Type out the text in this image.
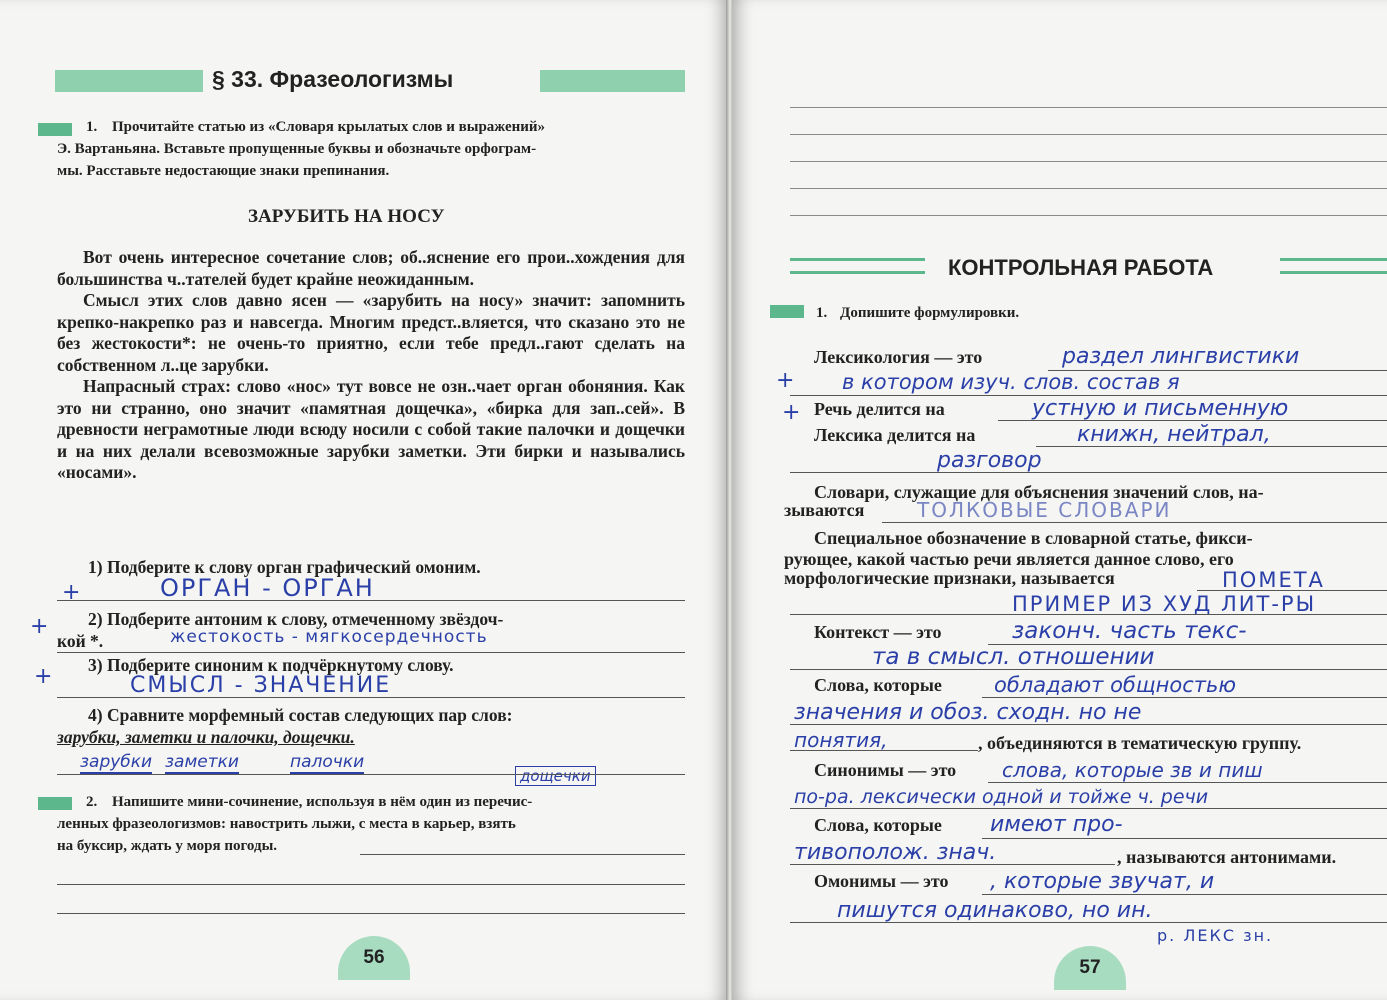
§ 33. Фразеологизмы
1. Прочитайте статью из «Словаря крылатых слов и выражений»
Э. Вартаньяна. Вставьте пропущенные буквы и обозначьте орфограм-
мы. Расставьте недостающие знаки препинания.
ЗАРУБИТЬ НА НОСУ

Вот очень интересное сочетание слов; об..яснение его прои..хождения для большинства ч..тателей будет крайне неожиданным.

Смысл этих слов давно ясен — «зарубить на носу» значит: запомнить крепко-накрепко раз и навсегда. Многим предст..вляется, что сказано это не без жестокости*: не очень-то приятно, если тебе предл..гают сделать на собственном л..це зарубки.

Напрасный страх: слово «нос» тут вовсе не озн..чает орган обоняния. Как это ни странно, оно значит «памятная дощечка», «бирка для зап..сей». В древности неграмотные люди всюду носили с собой такие палочки и дощечки и на них делали всевозможные зарубки заметки. Эти бирки и назывались «носами».

1) Подберите к слову орган графический омоним.
ОРГАН - ОРГАН
+
2) Подберите антоним к слову, отмеченному звёздоч-
кой *.	жестокость - мягкосердечность
+
3) Подберите синоним к подчёркнутому слову.
СМЫСЛ - ЗНАЧЕНИЕ
+
4) Сравните морфемный состав следующих пар слов:
зарубки, заметки и палочки, дощечки.
зарубки заметки	палочки
дощечки
2. Напишите мини-сочинение, используя в нём один из перечис-
ленных фразеологизмов: навострить лыжи, с места в карьер, взять
на буксир, ждать у моря погоды.
56
КОНТРОЛЬНАЯ РАБОТА
1. Допишите формулировки.
Лексикология — это	раздел лингвистики
в котором изуч. слов. состав я
+
Речь делится на	устную и письменную
+
Лексика делится на	книжн, нейтрал,
разговор
Словари, служащие для объяснения значений слов, на-
зываются	ТОЛКОВЫЕ СЛОВАРИ
Специальное обозначение в словарной статье, фикси-
рующее, какой частью речи является данное слово, его
морфологические признаки, называется	ПОМЕТА
ПРИМЕР ИЗ ХУД ЛИТ-РЫ
Контекст — это	законч. часть текс-
та в смысл. отношении
Слова, которые обладают общностью
значения и обоз. сходн. но не
понятия,	, объединяются в тематическую группу.
Синонимы — это слова, которые зв и пиш
по-ра. лексически одной и тойже ч. речи
Слова, которые имеют про-
тивополож. знач.	, называются антонимами.
Омонимы — это , которые звучат, и
пишутся одинаково, но ин.
р. ЛЕКС зн.
57
